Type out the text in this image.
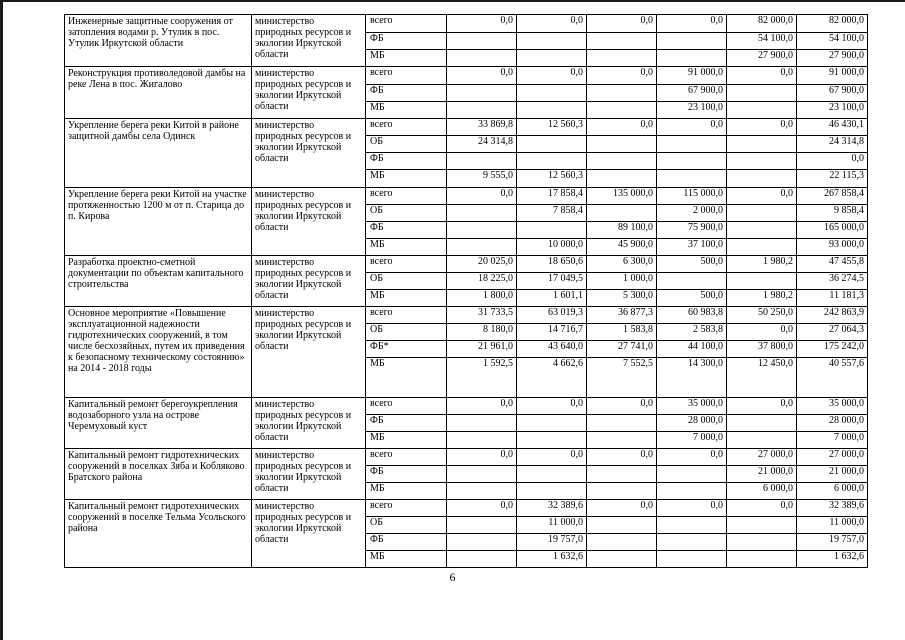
Инженерные защитные сооружения от затопления водами р. Утулик в пос. Утулик Иркутской области	министерство природных ресурсов и экологии Иркутской области	всего	0,0	0,0	0,0	0,0	82 000,0	82 000,0
		ФБ					54 100,0	54 100,0
		МБ					27 900,0	27 900,0
Реконструкция противоледовой дамбы на реке Лена в пос. Жигалово	министерство природных ресурсов и экологии Иркутской области	всего	0,0	0,0	0,0	91 000,0	0,0	91 000,0
		ФБ				67 900,0		67 900,0
		МБ				23 100,0		23 100,0
Укрепление берега реки Китой в районе защитной дамбы села Одинск	министерство природных ресурсов и экологии Иркутской области	всего	33 869,8	12 560,3	0,0	0,0	0,0	46 430,1
		ОБ	24 314,8					24 314,8
		ФБ						0,0
		МБ	9 555,0	12 560,3				22 115,3
Укрепление берега реки Китой на участке протяженностью 1200 м от п. Старица до п. Кирова	министерство природных ресурсов и экологии Иркутской области	всего	0,0	17 858,4	135 000,0	115 000,0	0,0	267 858,4
		ОБ		7 858,4		2 000,0		9 858,4
		ФБ			89 100,0	75 900,0		165 000,0
		МБ		10 000,0	45 900,0	37 100,0		93 000,0
Разработка проектно-сметной документации по объектам капитального строительства	министерство природных ресурсов и экологии Иркутской области	всего	20 025,0	18 650,6	6 300,0	500,0	1 980,2	47 455,8
		ОБ	18 225,0	17 049,5	1 000,0			36 274,5
		МБ	1 800,0	1 601,1	5 300,0	500,0	1 980,2	11 181,3
Основное мероприятие «Повышение эксплуатационной надежности гидротехнических сооружений, в том числе бесхозяйных, путем их приведения к безопасному техническому состоянию» на 2014 - 2018 годы	министерство природных ресурсов и экологии Иркутской области	всего	31 733,5	63 019,3	36 877,3	60 983,8	50 250,0	242 863,9
		ОБ	8 180,0	14 716,7	1 583,8	2 583,8	0,0	27 064,3
		ФБ*	21 961,0	43 640,0	27 741,0	44 100,0	37 800,0	175 242,0
		МБ	1 592,5	4 662,6	7 552,5	14 300,0	12 450,0	40 557,6
Капитальный ремонт берегоукрепления водозаборного узла на острове Черемуховый куст	министерство природных ресурсов и экологии Иркутской области	всего	0,0	0,0	0,0	35 000,0	0,0	35 000,0
		ФБ				28 000,0		28 000,0
		МБ				7 000,0		7 000,0
Капитальный ремонт гидротехнических сооружений в поселках Зяба и Кобляково Братского района	министерство природных ресурсов и экологии Иркутской области	всего	0,0	0,0	0,0	0,0	27 000,0	27 000,0
		ФБ					21 000,0	21 000,0
		МБ					6 000,0	6 000,0
Капитальный ремонт гидротехнических сооружений в поселке Тельма Усольского района	министерство природных ресурсов и экологии Иркутской области	всего	0,0	32 389,6	0,0	0,0	0,0	32 389,6
		ОБ		11 000,0				11 000,0
		ФБ		19 757,0				19 757,0
		МБ		1 632,6				1 632,6
6
